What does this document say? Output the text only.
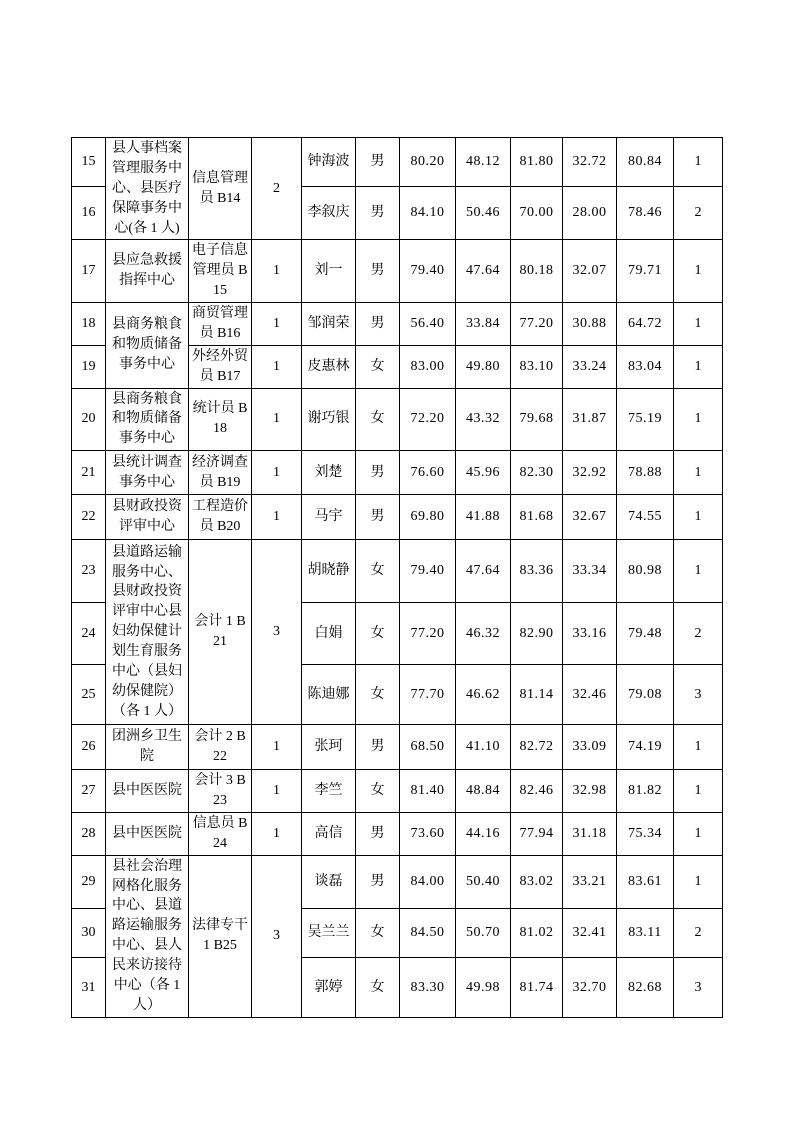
15	县人事档案管理服务中心、县医疗保障事务中心(各 1 人)	信息管理员 B14	2	钟海波	男	80.20	48.12	81.80	32.72	80.84	1
16				李叙庆	男	84.10	50.46	70.00	28.00	78.46	2
17	县应急救援指挥中心	电子信息管理员 B15	1	刘一	男	79.40	47.64	80.18	32.07	79.71	1
18	县商务粮食和物质储备事务中心	商贸管理员 B16	1	邹润荣	男	56.40	33.84	77.20	30.88	64.72	1
19		外经外贸员 B17	1	皮惠林	女	83.00	49.80	83.10	33.24	83.04	1
20	县商务粮食和物质储备事务中心	统计员 B18	1	谢巧银	女	72.20	43.32	79.68	31.87	75.19	1
21	县统计调查事务中心	经济调查员 B19	1	刘楚	男	76.60	45.96	82.30	32.92	78.88	1
22	县财政投资评审中心	工程造价员 B20	1	马宇	男	69.80	41.88	81.68	32.67	74.55	1
23	县道路运输服务中心、县财政投资评审中心县妇幼保健计划生育服务中心（县妇幼保健院）（各 1 人）	会计 1 B21	3	胡晓静	女	79.40	47.64	83.36	33.34	80.98	1
24				白娟	女	77.20	46.32	82.90	33.16	79.48	2
25				陈迪娜	女	77.70	46.62	81.14	32.46	79.08	3
26	团洲乡卫生院	会计 2 B22	1	张珂	男	68.50	41.10	82.72	33.09	74.19	1
27	县中医医院	会计 3 B23	1	李竺	女	81.40	48.84	82.46	32.98	81.82	1
28	县中医医院	信息员 B24	1	高信	男	73.60	44.16	77.94	31.18	75.34	1
29	县社会治理网格化服务中心、县道路运输服务中心、县人民来访接待中心（各 1 人）	法律专干 1 B25	3	谈磊	男	84.00	50.40	83.02	33.21	83.61	1
30				吴兰兰	女	84.50	50.70	81.02	32.41	83.11	2
31				郭婷	女	83.30	49.98	81.74	32.70	82.68	3
